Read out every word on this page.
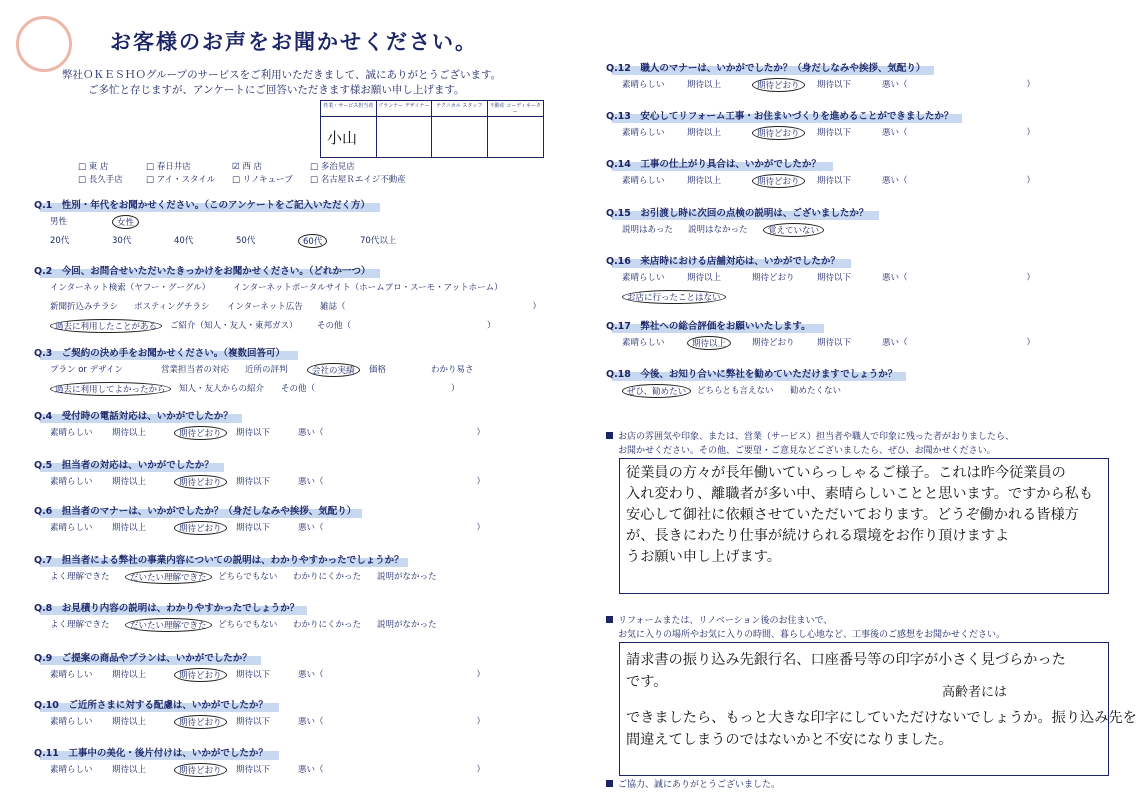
お客様のお声をお聞かせください。
弊社ＯＫＥＳＨＯグループのサービスをご利用いただきまして、誠にありがとうございます。
ご多忙と存じますが、アンケートにご回答いただきます様お願い申し上げます。
営業・サービス担当者 プランナー デザイナー	テクニカル スタッフ	不動産 コーディネーター
小山
□ 東 店	□ 春日井店	☑ 西 店	□ 多治見店
□ 長久手店	□ アイ・スタイル □ リノキューブ □ 名古屋Ｒエイジ不動産
Q.1　性別・年代をお聞かせください。（このアンケートをご記入いただく方）
男性	女性
20代	30代	40代	50代	60代	70代以上
Q.2　今回、お問合せいただいたきっかけをお聞かせください。（どれか一つ）
インターネット検索（ヤフー・グーグル）	インターネットポータルサイト（ホームプロ・スーモ・アットホーム）
新聞折込みチラシ ポスティングチラシ インターネット広告 雑誌（　　　　　　　　　　　　　　　　　　　　　　）
過去に利用したことがある	ご紹介（知人・友人・東邦ガス） その他（　　　　　　　　　　　　　　　　）
Q.3　ご契約の決め手をお聞かせください。（複数回答可）
プラン or デザイン	営業担当者の対応 近所の評判	会社の実績	価格	わかり易さ
過去に利用してよかったから	知人・友人からの紹介 その他（　　　　　　　　　　　　　　　　）
Q.4　受付時の電話対応は、いかがでしたか？
素晴らしい 期待以上	期待どおり	期待以下	悪い（　　　　　　　　　　　　　　　　　　）
Q.5　担当者の対応は、いかがでしたか？
素晴らしい 期待以上	期待どおり	期待以下	悪い（　　　　　　　　　　　　　　　　　　）
Q.6　担当者のマナーは、いかがでしたか？（身だしなみや挨拶、気配り）
素晴らしい 期待以上	期待どおり	期待以下	悪い（　　　　　　　　　　　　　　　　　　）
Q.7　担当者による弊社の事業内容についての説明は、わかりやすかったでしょうか？
よく理解できた	だいたい理解できた	どちらでもない わかりにくかった 説明がなかった
Q.8　お見積り内容の説明は、わかりやすかったでしょうか？
よく理解できた	だいたい理解できた	どちらでもない わかりにくかった 説明がなかった
Q.9　ご提案の商品やプランは、いかがでしたか？
素晴らしい 期待以上	期待どおり	期待以下	悪い（　　　　　　　　　　　　　　　　　　）
Q.10　ご近所さまに対する配慮は、いかがでしたか？
素晴らしい 期待以上	期待どおり	期待以下	悪い（　　　　　　　　　　　　　　　　　　）
Q.11　工事中の美化・後片付けは、いかがでしたか？
素晴らしい 期待以上	期待どおり	期待以下	悪い（　　　　　　　　　　　　　　　　　　）
Q.12　職人のマナーは、いかがでしたか？（身だしなみや挨拶、気配り）
素晴らしい	期待以上	期待どおり	期待以下	悪い（　　　　　　　　　　　　　　）
Q.13　安心してリフォーム工事・お住まいづくりを進めることができましたか？
素晴らしい	期待以上	期待どおり	期待以下	悪い（　　　　　　　　　　　　　　）
Q.14　工事の仕上がり具合は、いかがでしたか？
素晴らしい	期待以上	期待どおり	期待以下	悪い（　　　　　　　　　　　　　　）
Q.15　お引渡し時に次回の点検の説明は、ございましたか？
説明はあった 説明はなかった	覚えていない
Q.16　来店時における店舗対応は、いかがでしたか？
素晴らしい	期待以上	期待どおり	期待以下	悪い（　　　　　　　　　　　　　　）
お店に行ったことはない
Q.17　弊社への総合評価をお願いいたします。
素晴らしい	期待以上	期待どおり	期待以下	悪い（　　　　　　　　　　　　　　）
Q.18　今後、お知り合いに弊社を勧めていただけますでしょうか？
ぜひ、勧めたい	どちらとも言えない 勧めたくない
お店の雰囲気や印象、または、営業（サービス）担当者や職人で印象に残った者がおりましたら、
お聞かせください。その他、ご要望・ご意見などございましたら、ぜひ、お聞かせください。
従業員の方々が長年働いていらっしゃるご様子。これは昨今従業員の
入れ変わり、離職者が多い中、素晴らしいことと思います。ですから私も
安心して御社に依頼させていただいております。どうぞ働かれる皆様方
が、長きにわたり仕事が続けられる環境をお作り頂けますよ
うお願い申し上げます。
リフォームまたは、リノベーション後のお住まいで、
お気に入りの場所やお気に入りの時間、暮らし心地など、工事後のご感想をお聞かせください。
請求書の振り込み先銀行名、口座番号等の印字が小さく見づらかった
です。
高齢者には
できましたら、もっと大きな印字にしていただけないでしょうか。振り込み先を
間違えてしまうのではないかと不安になりました。
ご協力、誠にありがとうございました。
